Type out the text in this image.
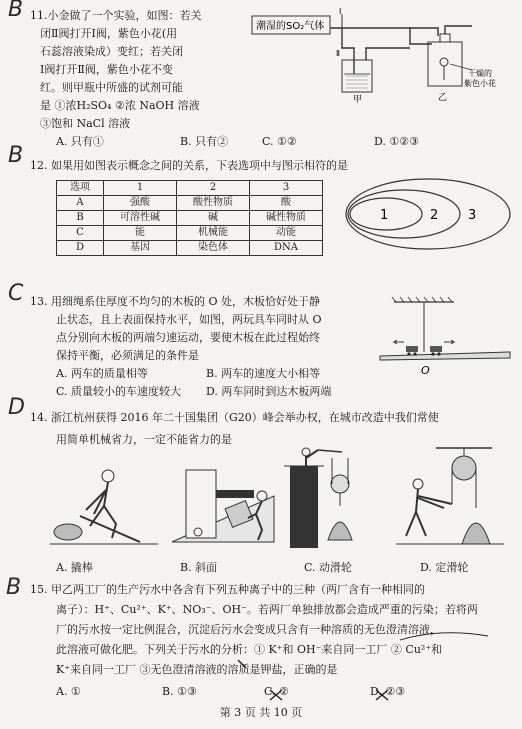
B 11.小金做了一个实验，如图：若关
闭Ⅱ阀打开Ⅰ阀，紫色小花(用
石蕊溶液染成）变红；若关闭
Ⅰ阀打开Ⅱ阀，紫色小花不变
红。则甲瓶中所盛的试剂可能
是 ①浓H₂SO₄ ②浓 NaOH 溶液
③饱和 NaCl 溶液
A. 只有①	B. 只有②	C. ①②	D. ①②③
潮湿的SO₂气体
Ⅰ
Ⅱ
甲	乙
干燥的
紫色小花
B 12. 如果用如图表示概念之间的关系，下表选项中与图示相符的是
选项	1	2	3
A	强酸	酸性物质	酸
B	可溶性碱	碱	碱性物质
C	能	机械能	动能
D	基因	染色体	DNA
1	2 3
C 13. 用细绳系住厚度不均匀的木板的 O 处，木板恰好处于静
止状态，且上表面保持水平，如图，两玩具车同时从 O
点分别向木板的两端匀速运动，要使木板在此过程始终
保持平衡，必须满足的条件是
A. 两车的质量相等	B. 两车的速度大小相等
C. 质量较小的车速度较大 D. 两车同时到达木板两端
O
D 14. 浙江杭州获得 2016 年二十国集团（G20）峰会举办权，在城市改造中我们常使
用简单机械省力，一定不能省力的是
A. 撬棒	B. 斜面	C. 动滑轮	D. 定滑轮
B 15. 甲乙两工厂的生产污水中各含有下列五种离子中的三种（两厂含有一种相同的
离子）：H⁺、Cu²⁺、K⁺、NO₃⁻、OH⁻。若两厂单独排放都会造成严重的污染；若将两
厂的污水按一定比例混合，沉淀后污水会变成只含有一种溶质的无色澄清溶液，
此溶液可做化肥。下列关于污水的分析：① K⁺和 OH⁻来自同一工厂 ② Cu²⁺和
K⁺来自同一工厂 ③无色澄清溶液的溶质是钾盐，正确的是
A. ①	B. ①③	C. ②	D. ②③
第 3 页 共 10 页
